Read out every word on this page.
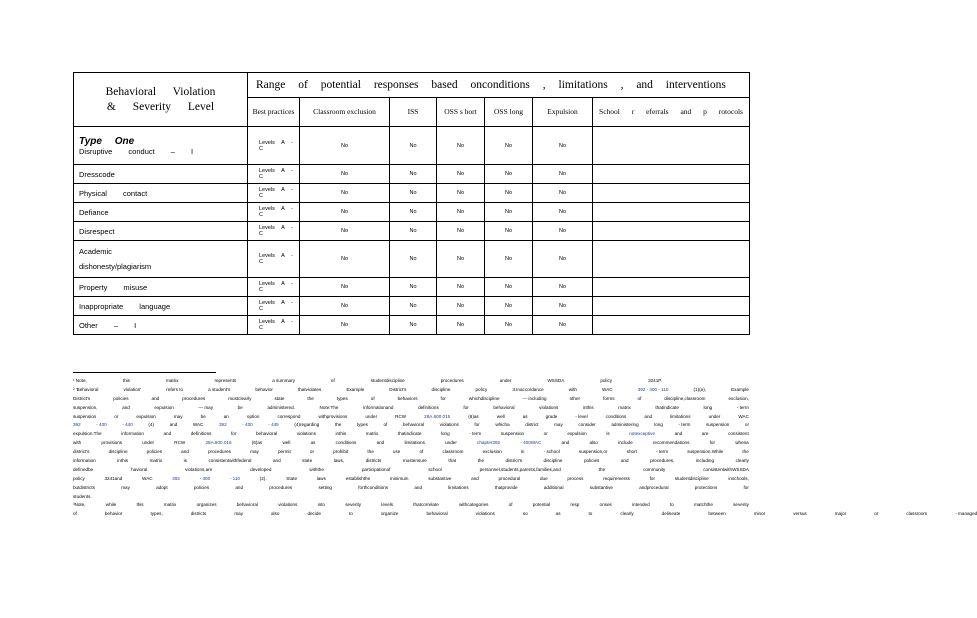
Behavioral Violation
& Severity Level	Range of potential responses based onconditions , limitations , and interventions						
	Best practices	Classroom exclusion	ISS	OSS s hort	OSS long	Expulsion	School r eferrals and p rotocols

Type One
Disruptive conduct – I	Levels A - C	No	No	No	No	No	

Dresscode	Levels A - C	No	No	No	No	No	

Physical contact	Levels A - C	No	No	No	No	No	

Defiance	Levels A - C	No	No	No	No	No	

Disrespect	Levels A - C	No	No	No	No	No	

Academic dishonesty/plagiarism	Levels A - C	No	No	No	No	No	

Property misuse	Levels A - C	No	No	No	No	No	

Inappropriate language	Levels A - C	No	No	No	No	No	

Other – I	Levels A - C	No	No	No	No	No	
¹ Note,	this	matrix	represents	a summary	of	studentdiscipline	procedures	under	WSSDA	policy	3241P.
² 'Behavioral	violation'	refers to	a student's	behavior	thatviolates	Example	District's	discipline	policy	3.Inaccordance	with	WAC	392 - 400 - 110	(1)(a),	Example
District's	policies	and	procedures	mustclearly	state	the	types	of	behaviors	for	whichdiscipline	— including	other	forms	of	discipline,classroom	exclusion,
suspension,	and	expulsion	— may	be	administered.	Note:The	informationand	definitions	for	behavioral	violations	inthis	matrix	thatindicate	long	- term
suspension	or	expulsion	may	be	an	option	correspond	withprovisions	under	RCW	28A.600.015	(6)as	well	as	grade	- level	conditions	and	limitations	under	WAC
392	- 400	- 440	(4)	and	WAC	392	- 400	- 445	(4)regarding	the	types	of	behavioral	violations	for	whicha	district	may	consider	administering	long	- term	suspension	or
expulsion.The	information	and	definitions	for	behavioral	violations	inthis	matrix	thatindicate	long	- term	suspension	or	expulsion	is	notexceptive	and	are	consistent
with	provisions	under	RCW	28A.600.015	(6)as	well	as	conditions	and	limitations	under	chapter392	- 400WAC	and	also	include	recommendations	for	whena
district's	discipline	policies	and	procedures	may	permit	or	prohibit	the	use	of	classroom	exclusion	in	- school	suspension,or	short	- term	suspension.While	the
information	inthis	matrix	is	consistentwithfederal	and	state	laws,	districts	mustensure	that	the	district's	discipline	policies	and	procedures,	including	clearly
definedbe	havioral	violations,are	developed	withthe	participationof	school	personnel,students,parents,families,and	the	community	consistentwithWSSDA
policy	3241and	WAC	392	- 400	- 110	(2).	State	laws	establishthe	minimum	substantive	and	procedural	due	process	requirements	for	studentdiscipline	inschools,
butdistricts	may	adopt	policies	and	procedures	setting	forthconditions	and	limitations	thatprovide	additional	substantive	andprocedural	protections	for
students.
³Note,	while	this	matrix	organizes	behavioral	violations	into	severity	levels	thatcorrelate	withcategories	of	potential	resp	onses	intended	to	matchthe	severity
of	behavior	types,	districts	may	also	decide	to	organize	behavioral	violations	so	as	to	clearly	delineate	between	minor	versus	major	or	classroom	- managed
